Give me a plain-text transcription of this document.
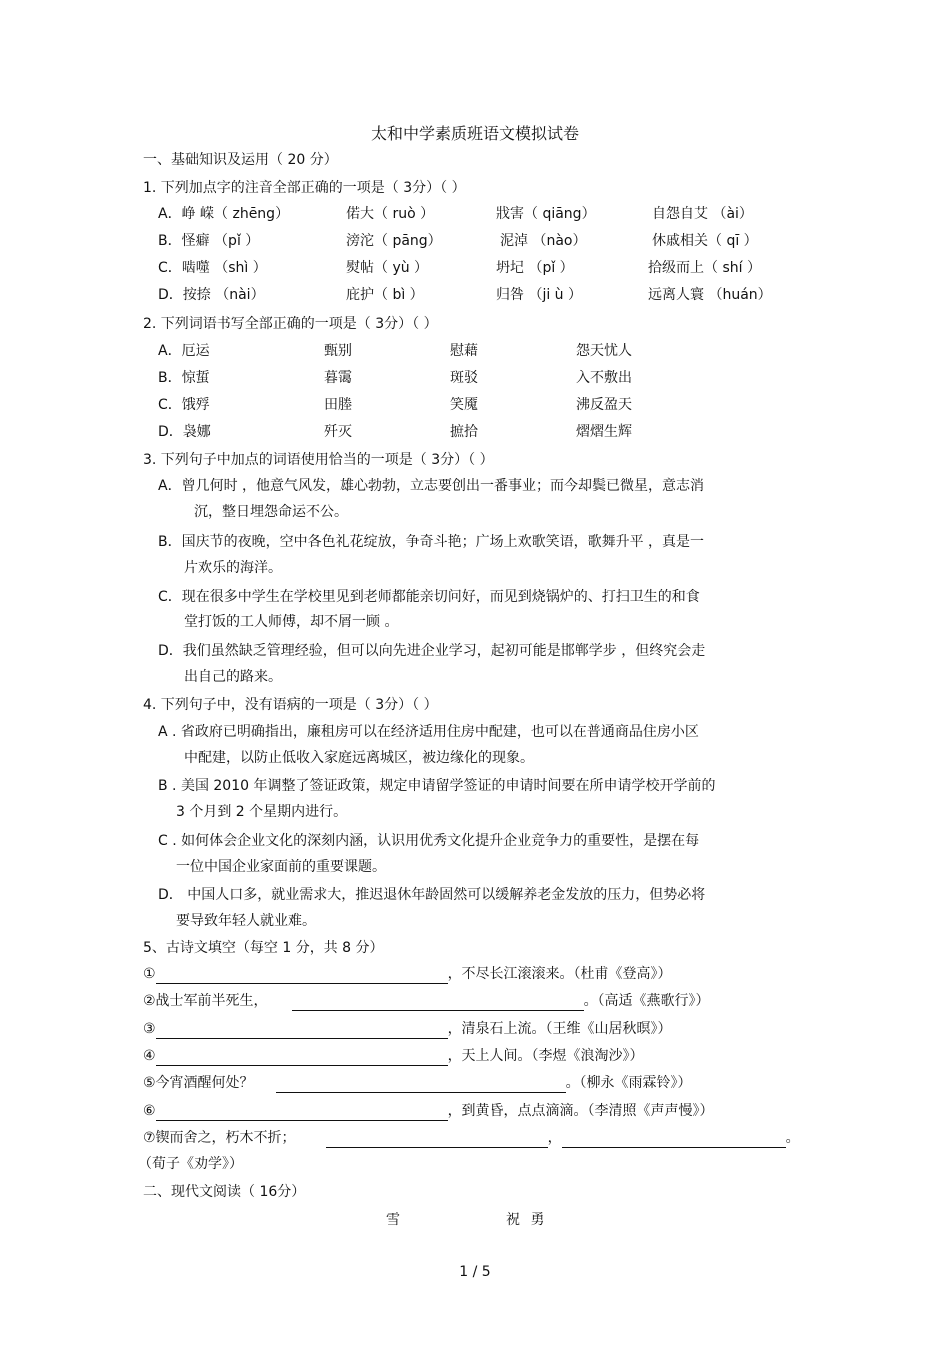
太和中学素质班语文模拟试卷
一、基础知识及运用（ 20 分）
1. 下列加点字的注音全部正确的一项是（ 3分）（ ）
A．峥 嵘（ zhēng）	偌大（ ruò ）	戕害（ qiāng）	自怨自艾 （ài）
B．怪癖 （pǐ ）	滂沱（ pāng）	泥淖 （nào）	休戚相关（ qī ）
C．啮噬 （shì ）	熨帖（ yù ）	坍圮 （pǐ ）	拾级而上（ shí ）
D．按捺 （nài）	庇护（ bì ）	归咎 （ji ù ）	远离人寰 （huán）
2. 下列词语书写全部正确的一项是（ 3分）（ ）
A．厄运	甄别	慰藉	怨天忧人
B．惊蜇	暮霭	斑驳	入不敷出
C．饿殍	田塍	笑魇	沸反盈天
D．袅娜	歼灭	摭拾	熠熠生辉
3. 下列句子中加点的词语使用恰当的一项是（ 3分）（ ）
A．曾几何时 ，他意气风发，雄心勃勃，立志要创出一番事业；而今却鬓已微星，意志消
沉，整日埋怨命运不公。
B．国庆节的夜晚，空中各色礼花绽放，争奇斗艳；广场上欢歌笑语，歌舞升平 ，真是一
片欢乐的海洋。
C．现在很多中学生在学校里见到老师都能亲切问好，而见到烧锅炉的、打扫卫生的和食
堂打饭的工人师傅，却不屑一顾 。
D．我们虽然缺乏管理经验，但可以向先进企业学习，起初可能是邯郸学步 ，但终究会走
出自己的路来。
4. 下列句子中，没有语病的一项是（ 3分）（ ）
A . 省政府已明确指出，廉租房可以在经济适用住房中配建，也可以在普通商品住房小区
中配建，以防止低收入家庭远离城区，被边缘化的现象。
B . 美国 2010 年调整了签证政策，规定申请留学签证的申请时间要在所申请学校开学前的
3 个月到 2 个星期内进行。
C . 如何体会企业文化的深刻内涵，认识用优秀文化提升企业竞争力的重要性，是摆在每
一位中国企业家面前的重要课题。
D． 中国人口多，就业需求大，推迟退休年龄固然可以缓解养老金发放的压力，但势必将
要导致年轻人就业难。
5、古诗文填空（每空 1 分，共 8 分）
①	，不尽长江滚滚来。（杜甫《登高》）
②战士军前半死生，	。（高适《燕歌行》）
③	，清泉石上流。（王维《山居秋暝》）
④	，天上人间。（李煜《浪淘沙》）
⑤今宵酒醒何处？	。（柳永《雨霖铃》）
⑥	，到黄昏，点点滴滴。（李清照《声声慢》）
⑦锲而舍之，朽木不折；	，	。
（荀子《劝学》）
二、现代文阅读（ 16分）
雪	祝 勇
1 / 5
